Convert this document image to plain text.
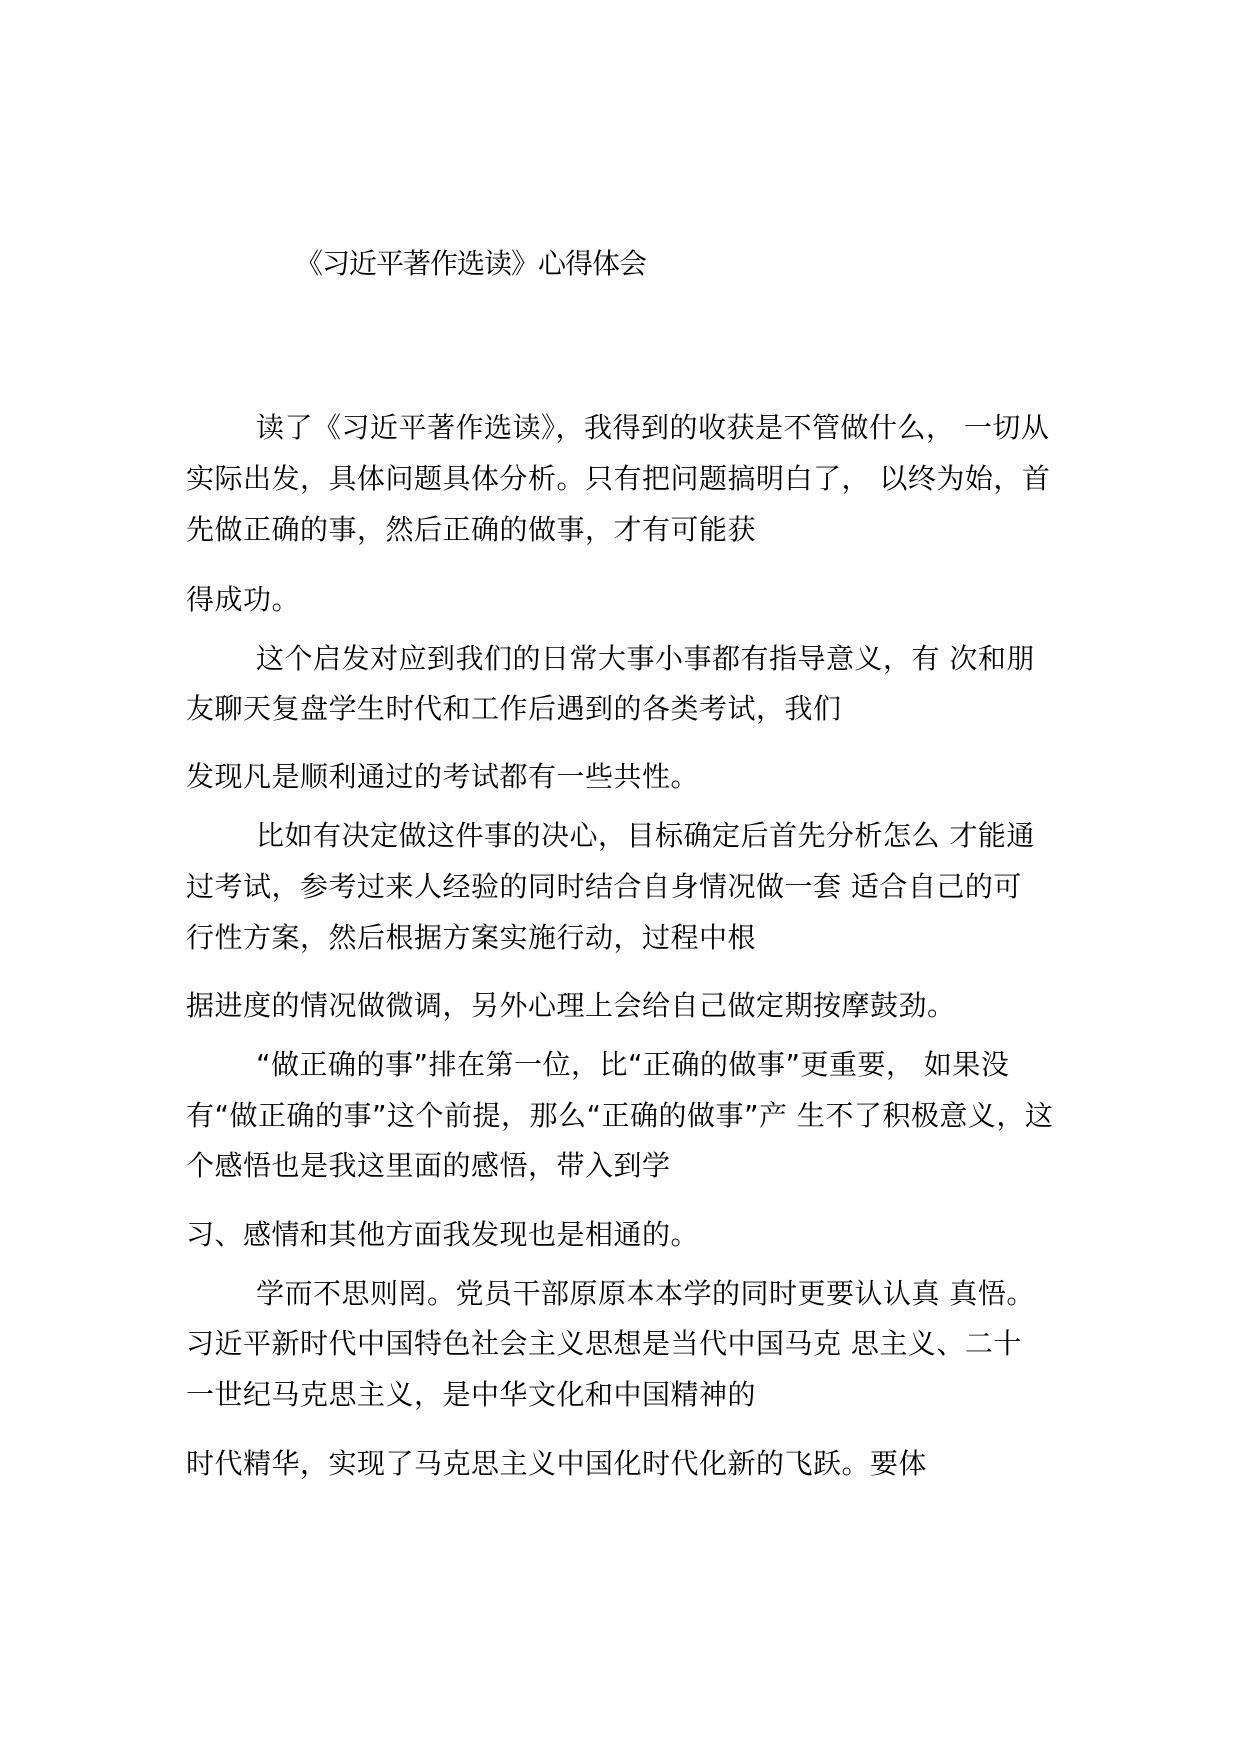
《习近平著作选读》心得体会
读了《习近平著作选读》，我得到的收获是不管做什么， 一切从
实际出发，具体问题具体分析。只有把问题搞明白了， 以终为始，首
先做正确的事，然后正确的做事，才有可能获
得成功。
这个启发对应到我们的日常大事小事都有指导意义，有 次和朋
友聊天复盘学生时代和工作后遇到的各类考试，我们
发现凡是顺利通过的考试都有一些共性。
比如有决定做这件事的决心，目标确定后首先分析怎么 才能通
过考试，参考过来人经验的同时结合自身情况做一套 适合自己的可
行性方案，然后根据方案实施行动，过程中根
据进度的情况做微调，另外心理上会给自己做定期按摩鼓劲。
“做正确的事”排在第一位，比“正确的做事”更重要， 如果没
有“做正确的事”这个前提，那么“正确的做事”产 生不了积极意义，这
个感悟也是我这里面的感悟，带入到学
习、感情和其他方面我发现也是相通的。
学而不思则罔。党员干部原原本本学的同时更要认认真 真悟。
习近平新时代中国特色社会主义思想是当代中国马克 思主义、二十
一世纪马克思主义，是中华文化和中国精神的
时代精华，实现了马克思主义中国化时代化新的飞跃。要体
